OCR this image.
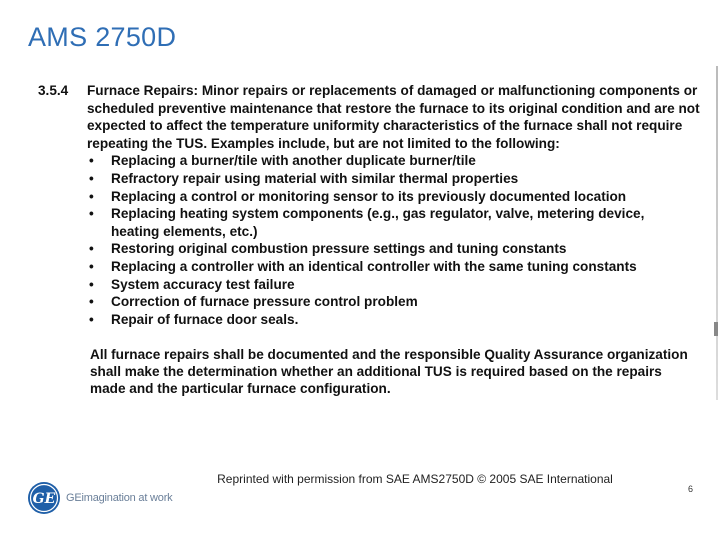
AMS 2750D
3.5.4 Furnace Repairs: Minor repairs or replacements of damaged or malfunctioning components or
scheduled preventive maintenance that restore the furnace to its original condition and are not
expected to affect the temperature uniformity characteristics of the furnace shall not require
repeating the TUS. Examples include, but are not limited to the following:
• Replacing a burner/tile with another duplicate burner/tile
• Refractory repair using material with similar thermal properties
• Replacing a control or monitoring sensor to its previously documented location
• Replacing heating system components (e.g., gas regulator, valve, metering device,
heating elements, etc.)
• Restoring original combustion pressure settings and tuning constants
• Replacing a controller with an identical controller with the same tuning constants
• System accuracy test failure
• Correction of furnace pressure control problem
• Repair of furnace door seals.
All furnace repairs shall be documented and the responsible Quality Assurance organization
shall make the determination whether an additional TUS is required based on the repairs
made and the particular furnace configuration.
Reprinted with permission from SAE AMS2750D © 2005 SAE International
GE GEimagination at work
6
